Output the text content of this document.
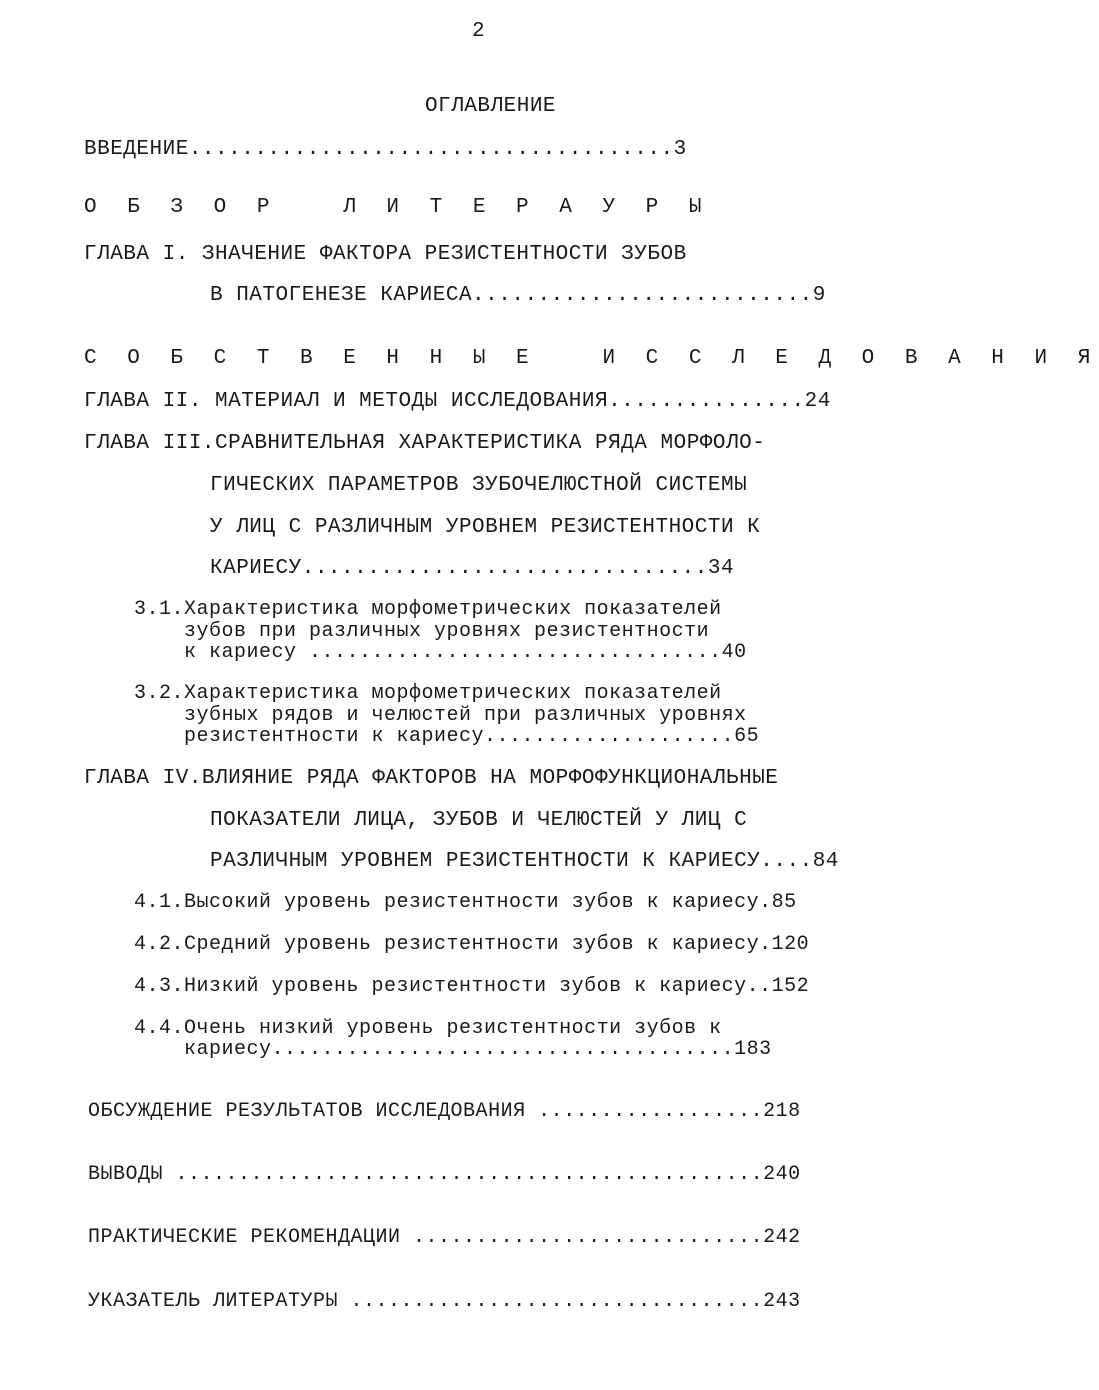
2

ОГЛАВЛЕНИЕ

ВВЕДЕНИЕ.....................................3

О Б З О Р   Л И Т Е Р А У Р Ы

ГЛАВА I. ЗНАЧЕНИЕ ФАКТОРА РЕЗИСТЕНТНОСТИ ЗУБОВ

В ПАТОГЕНЕЗЕ КАРИЕСА..........................9

С О Б С Т В Е Н Н Ы Е   И С С Л Е Д О В А Н И Я

ГЛАВА II. МАТЕРИАЛ И МЕТОДЫ ИССЛЕДОВАНИЯ...............24

ГЛАВА III.СРАВНИТЕЛЬНАЯ ХАРАКТЕРИСТИКА РЯДА МОРФОЛО-

ГИЧЕСКИХ ПАРАМЕТРОВ ЗУБОЧЕЛЮСТНОЙ СИСТЕМЫ

У ЛИЦ С РАЗЛИЧНЫМ УРОВНЕМ РЕЗИСТЕНТНОСТИ К

КАРИЕСУ...............................34

3.1.Характеристика морфометрических показателей

зубов при различных уровнях резистентности

к кариесу .................................40

3.2.Характеристика морфометрических показателей

зубных рядов и челюстей при различных уровнях

резистентности к кариесу....................65

ГЛАВА IV.ВЛИЯНИЕ РЯДА ФАКТОРОВ НА МОРФОФУНКЦИОНАЛЬНЫЕ

ПОКАЗАТЕЛИ ЛИЦА, ЗУБОВ И ЧЕЛЮСТЕЙ У ЛИЦ С

РАЗЛИЧНЫМ УРОВНЕМ РЕЗИСТЕНТНОСТИ К КАРИЕСУ....84

4.1.Высокий уровень резистентности зубов к кариесу.85

4.2.Средний уровень резистентности зубов к кариесу.120

4.3.Низкий уровень резистентности зубов к кариесу..152

4.4.Очень низкий уровень резистентности зубов к

кариесу.....................................183

ОБСУЖДЕНИЕ РЕЗУЛЬТАТОВ ИССЛЕДОВАНИЯ ..................218

ВЫВОДЫ ...............................................240

ПРАКТИЧЕСКИЕ РЕКОМЕНДАЦИИ ............................242

УКАЗАТЕЛЬ ЛИТЕРАТУРЫ .................................243
